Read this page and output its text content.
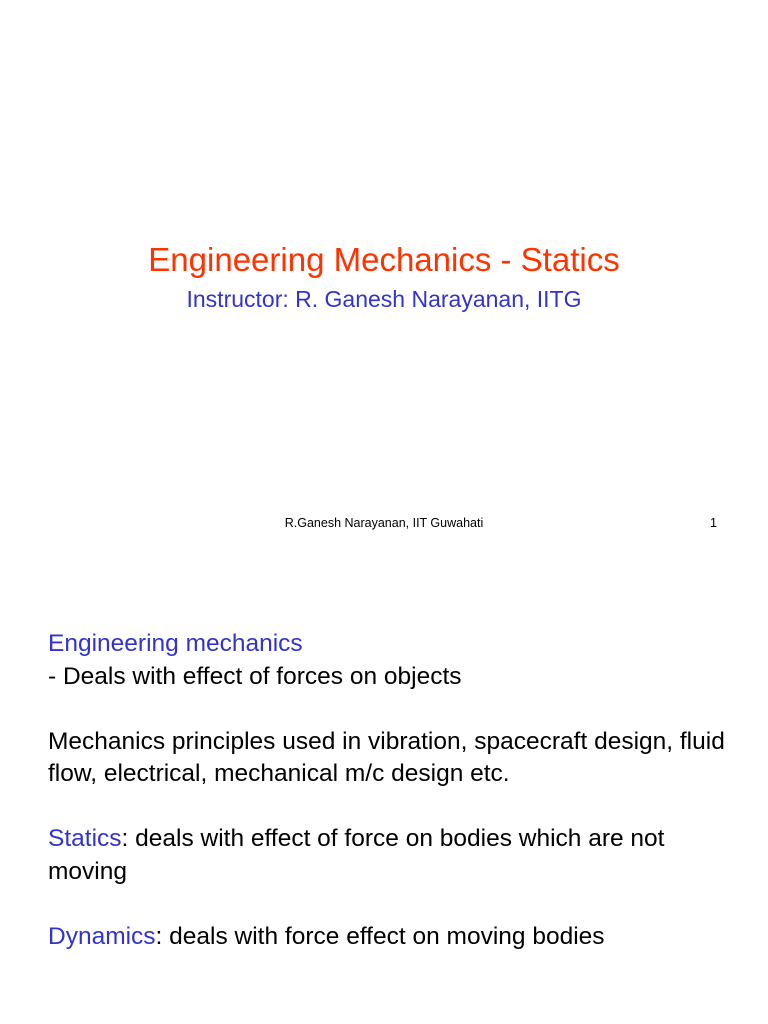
Engineering Mechanics - Statics
Instructor: R. Ganesh Narayanan, IITG
R.Ganesh Narayanan, IIT Guwahati	1

Engineering mechanics
- Deals with effect of forces on objects

Mechanics principles used in vibration, spacecraft design, fluid flow, electrical, mechanical m/c design etc.

Statics: deals with effect of force on bodies which are not moving

Dynamics: deals with force effect on moving bodies
